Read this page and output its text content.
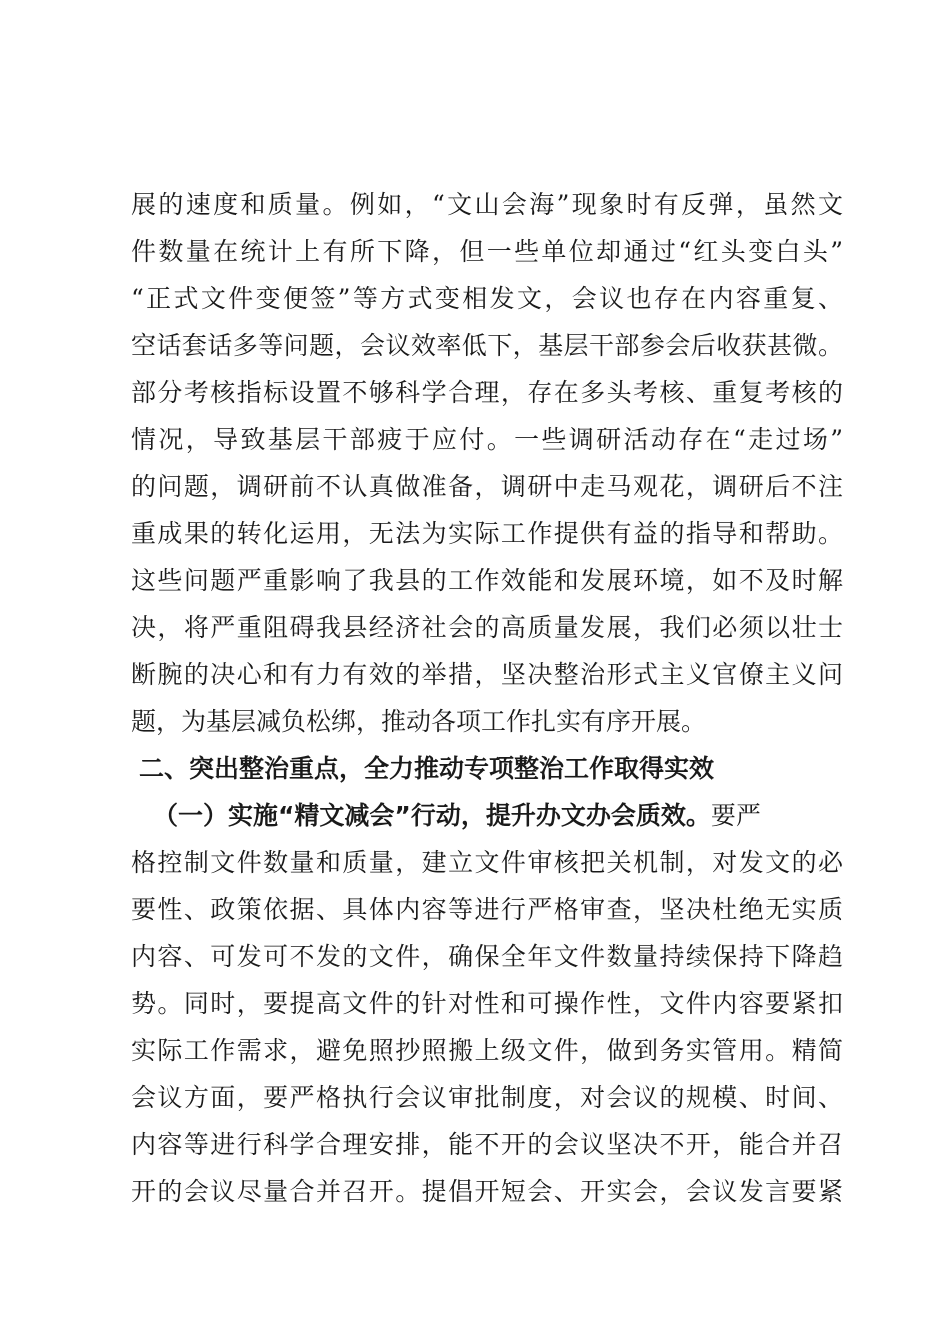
展的速度和质量。例如，“文山会海”现象时有反弹，虽然文
件数量在统计上有所下降，但一些单位却通过“红头变白头”
“正式文件变便签”等方式变相发文，会议也存在内容重复、
空话套话多等问题，会议效率低下，基层干部参会后收获甚微。
部分考核指标设置不够科学合理，存在多头考核、重复考核的
情况，导致基层干部疲于应付。一些调研活动存在“走过场”
的问题，调研前不认真做准备，调研中走马观花，调研后不注
重成果的转化运用，无法为实际工作提供有益的指导和帮助。
这些问题严重影响了我县的工作效能和发展环境，如不及时解
决，将严重阻碍我县经济社会的高质量发展，我们必须以壮士
断腕的决心和有力有效的举措，坚决整治形式主义官僚主义问
题，为基层减负松绑，推动各项工作扎实有序开展。
二、突出整治重点，全力推动专项整治工作取得实效
（一）实施“精文减会”行动，提升办文办会质效。要严
格控制文件数量和质量，建立文件审核把关机制，对发文的必
要性、政策依据、具体内容等进行严格审查，坚决杜绝无实质
内容、可发可不发的文件，确保全年文件数量持续保持下降趋
势。同时，要提高文件的针对性和可操作性，文件内容要紧扣
实际工作需求，避免照抄照搬上级文件，做到务实管用。精简
会议方面，要严格执行会议审批制度，对会议的规模、时间、
内容等进行科学合理安排，能不开的会议坚决不开，能合并召
开的会议尽量合并召开。提倡开短会、开实会，会议发言要紧
